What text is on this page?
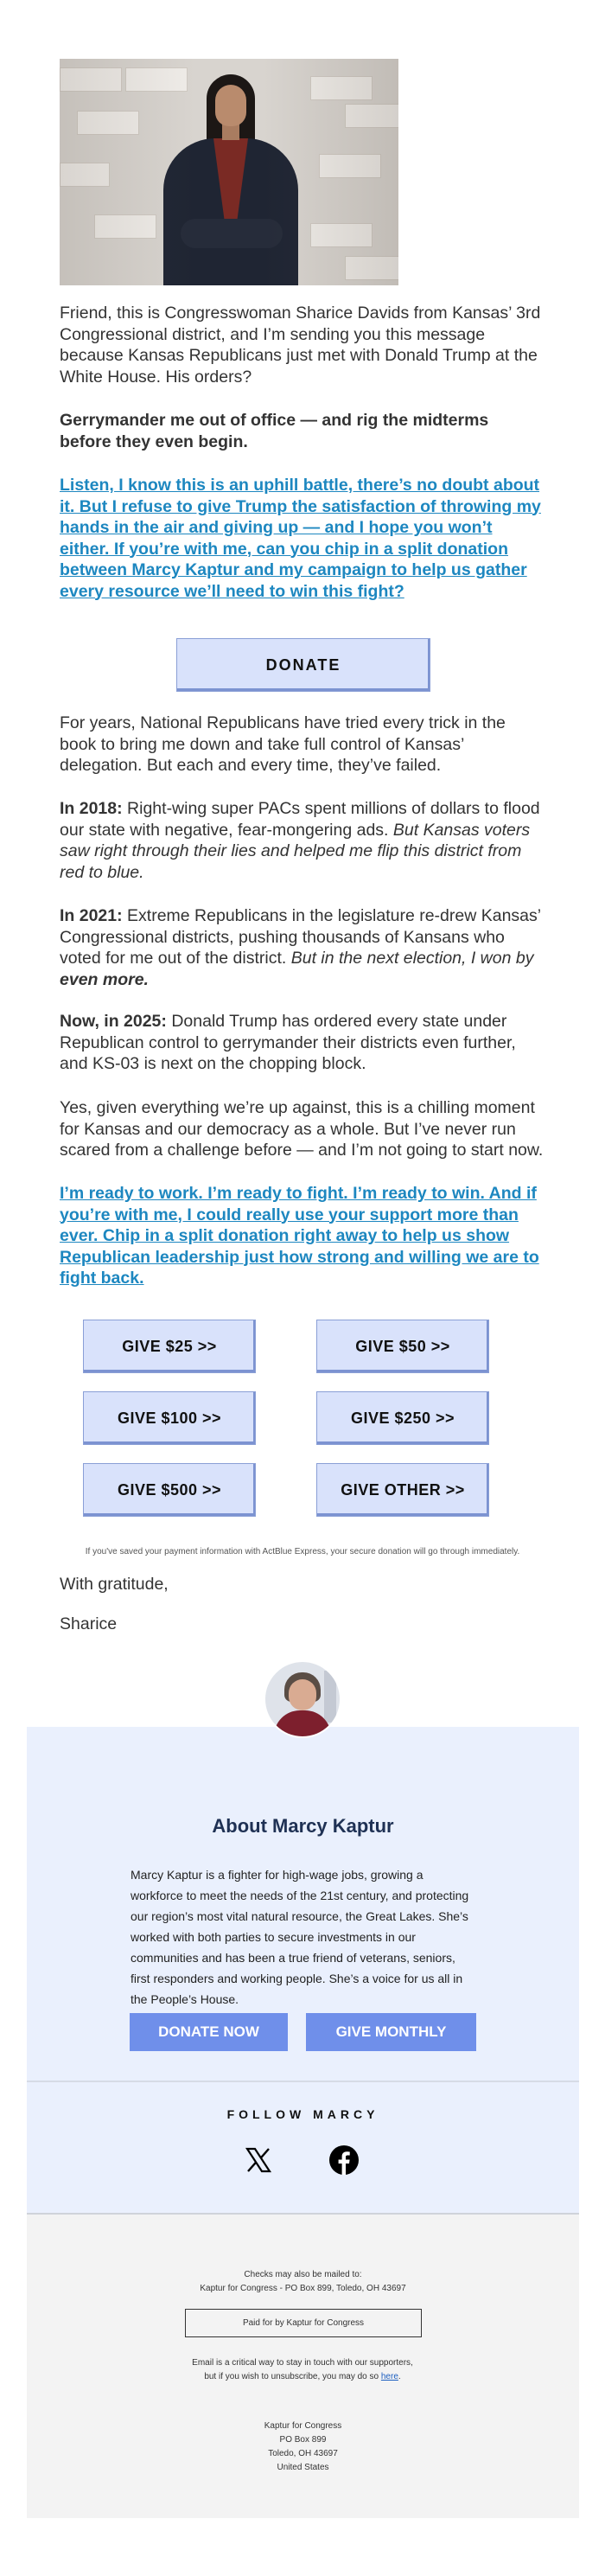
Friend, this is Congresswoman Sharice Davids from Kansas’ 3rd Congressional district, and I’m sending you this message because Kansas Republicans just met with Donald Trump at the White House. His orders?

Gerrymander me out of office — and rig the midterms before they even begin.

Listen, I know this is an uphill battle, there’s no doubt about it. But I refuse to give Trump the satisfaction of throwing my hands in the air and giving up — and I hope you won’t either. If you’re with me, can you chip in a split donation between Marcy Kaptur and my campaign to help us gather every resource we’ll need to win this fight?

DONATE

For years, National Republicans have tried every trick in the book to bring me down and take full control of Kansas’ delegation. But each and every time, they’ve failed.

In 2018: Right-wing super PACs spent millions of dollars to flood our state with negative, fear-mongering ads. But Kansas voters saw right through their lies and helped me flip this district from red to blue.

In 2021: Extreme Republicans in the legislature re-drew Kansas’ Congressional districts, pushing thousands of Kansans who voted for me out of the district. But in the next election, I won by even more.

Now, in 2025: Donald Trump has ordered every state under Republican control to gerrymander their districts even further, and KS-03 is next on the chopping block.

Yes, given everything we’re up against, this is a chilling moment for Kansas and our democracy as a whole. But I’ve never run scared from a challenge before — and I’m not going to start now.

I’m ready to work. I’m ready to fight. I’m ready to win. And if you’re with me, I could really use your support more than ever. Chip in a split donation right away to help us show Republican leadership just how strong and willing we are to fight back.

GIVE $25 >>	GIVE $50 >>
GIVE $100 >>	GIVE $250 >>
GIVE $500 >>	GIVE OTHER >>
If you've saved your payment information with ActBlue Express, your secure donation will go through immediately.

With gratitude,

Sharice

About Marcy Kaptur

Marcy Kaptur is a fighter for high-wage jobs, growing a workforce to meet the needs of the 21st century, and protecting our region’s most vital natural resource, the Great Lakes. She’s worked with both parties to secure investments in our communities and has been a true friend of veterans, seniors, first responders and working people. She’s a voice for us all in the People’s House.

DONATE NOW	GIVE MONTHLY
FOLLOW MARCY
Checks may also be mailed to:
Kaptur for Congress - PO Box 899, Toledo, OH 43697
Paid for by Kaptur for Congress
Email is a critical way to stay in touch with our supporters, but if you wish to unsubscribe, you may do so here.
Kaptur for Congress
PO Box 899
Toledo, OH 43697
United States
